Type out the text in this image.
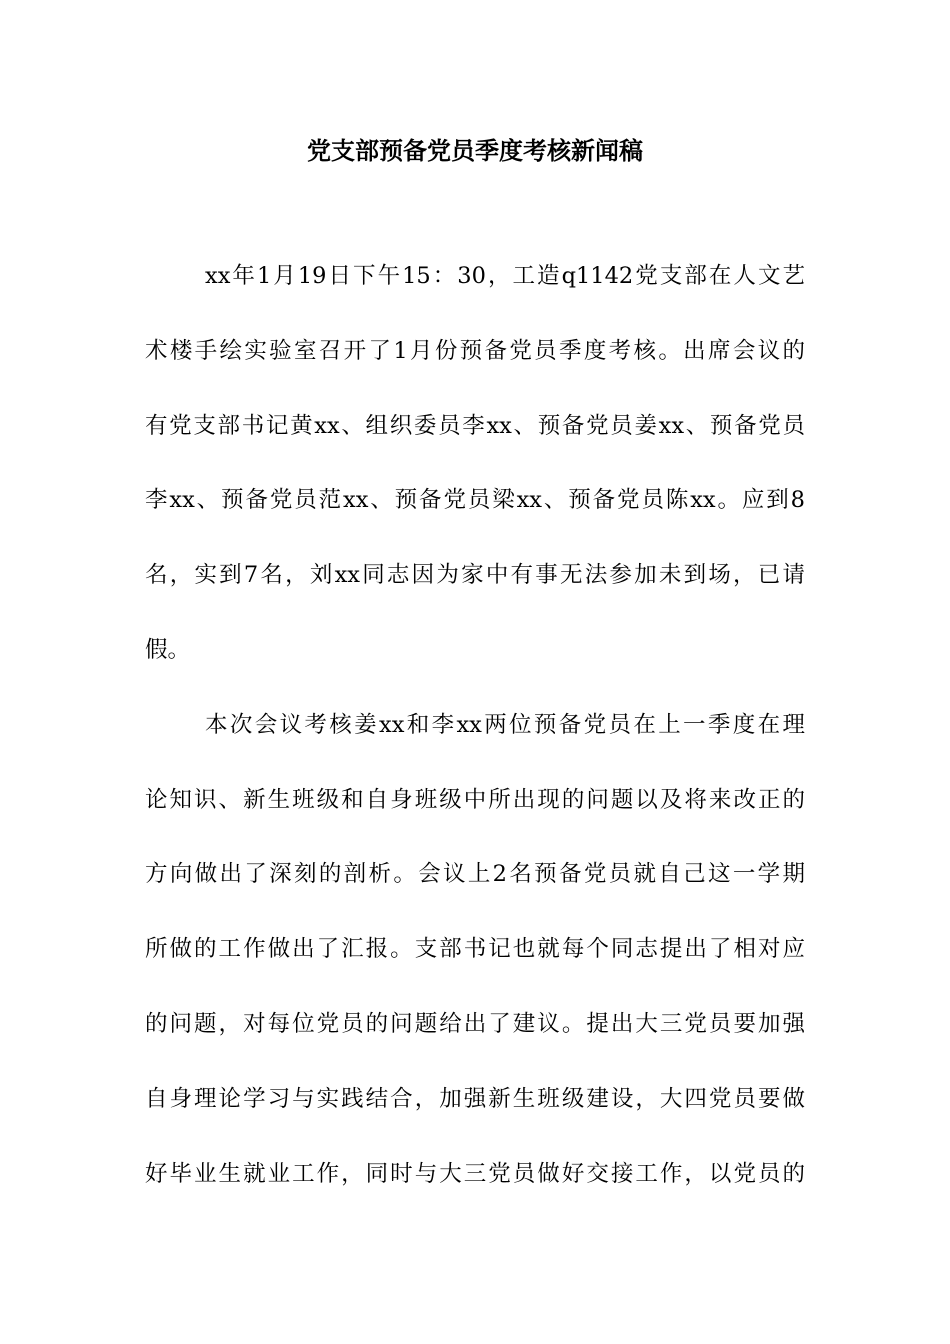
党支部预备党员季度考核新闻稿
xx年1月19日下午15：30，工造q1142党支部在人文艺
术楼手绘实验室召开了1月份预备党员季度考核。出席会议的
有党支部书记黄xx、组织委员李xx、预备党员姜xx、预备党员
李xx、预备党员范xx、预备党员梁xx、预备党员陈xx。应到8
名，实到7名，刘xx同志因为家中有事无法参加未到场，已请
假。
本次会议考核姜xx和李xx两位预备党员在上一季度在理
论知识、新生班级和自身班级中所出现的问题以及将来改正的
方向做出了深刻的剖析。会议上2名预备党员就自己这一学期
所做的工作做出了汇报。支部书记也就每个同志提出了相对应
的问题，对每位党员的问题给出了建议。提出大三党员要加强
自身理论学习与实践结合，加强新生班级建设，大四党员要做
好毕业生就业工作，同时与大三党员做好交接工作，以党员的
